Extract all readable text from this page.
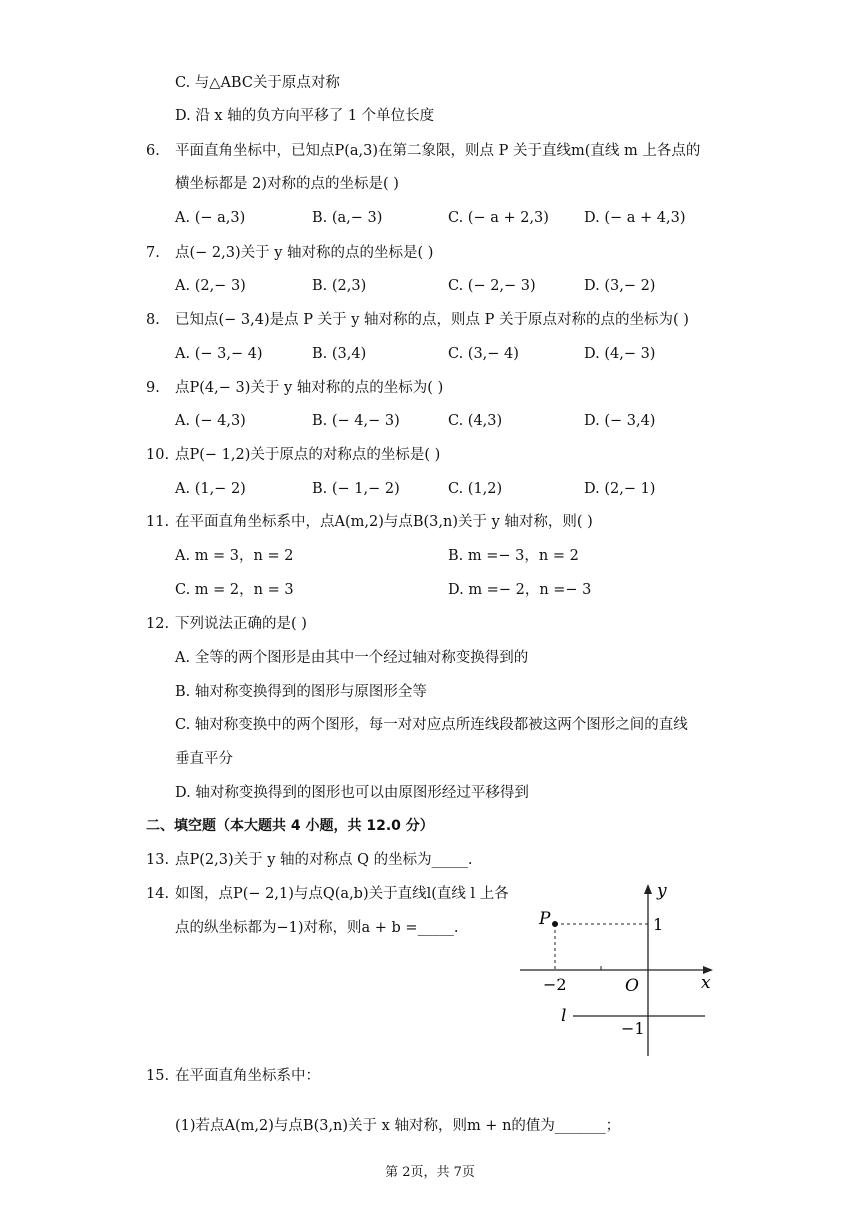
C. 与△ABC关于原点对称
D. 沿 x 轴的负方向平移了 1 个单位长度
6. 平面直角坐标中，已知点P(a,3)在第二象限，则点 P 关于直线m(直线 m 上各点的
横坐标都是 2)对称的点的坐标是( )
A. (− a,3)	B. (a,− 3)	C. (− a + 2,3) D. (− a + 4,3)
7. 点(− 2,3)关于 y 轴对称的点的坐标是( )
A. (2,− 3)	B. (2,3)	C. (− 2,− 3)	D. (3,− 2)
8. 已知点(− 3,4)是点 P 关于 y 轴对称的点，则点 P 关于原点对称的点的坐标为( )
A. (− 3,− 4)	B. (3,4)	C. (3,− 4)	D. (4,− 3)
9. 点P(4,− 3)关于 y 轴对称的点的坐标为( )
A. (− 4,3)	B. (− 4,− 3)	C. (4,3)	D. (− 3,4)
10. 点P(− 1,2)关于原点的对称点的坐标是( )
A. (1,− 2)	B. (− 1,− 2)	C. (1,2)	D. (2,− 1)
11. 在平面直角坐标系中，点A(m,2)与点B(3,n)关于 y 轴对称，则( )
A. m = 3，n = 2	B. m =− 3，n = 2
C. m = 2，n = 3	D. m =− 2，n =− 3
12. 下列说法正确的是( )
A. 全等的两个图形是由其中一个经过轴对称变换得到的
B. 轴对称变换得到的图形与原图形全等
C. 轴对称变换中的两个图形，每一对对应点所连线段都被这两个图形之间的直线
垂直平分
D. 轴对称变换得到的图形也可以由原图形经过平移得到
二、填空题（本大题共 4 小题，共 12.0 分）
13. 点P(2,3)关于 y 轴的对称点 Q 的坐标为_____.
14. 如图，点P(− 2,1)与点Q(a,b)关于直线l(直线 l 上各
点的纵坐标都为−1)对称，则a + b =_____.
y
x
O
P
l
1
−2
−1
15. 在平面直角坐标系中：
(1)若点A(m,2)与点B(3,n)关于 x 轴对称，则m + n的值为_______；
第 2页，共 7页
